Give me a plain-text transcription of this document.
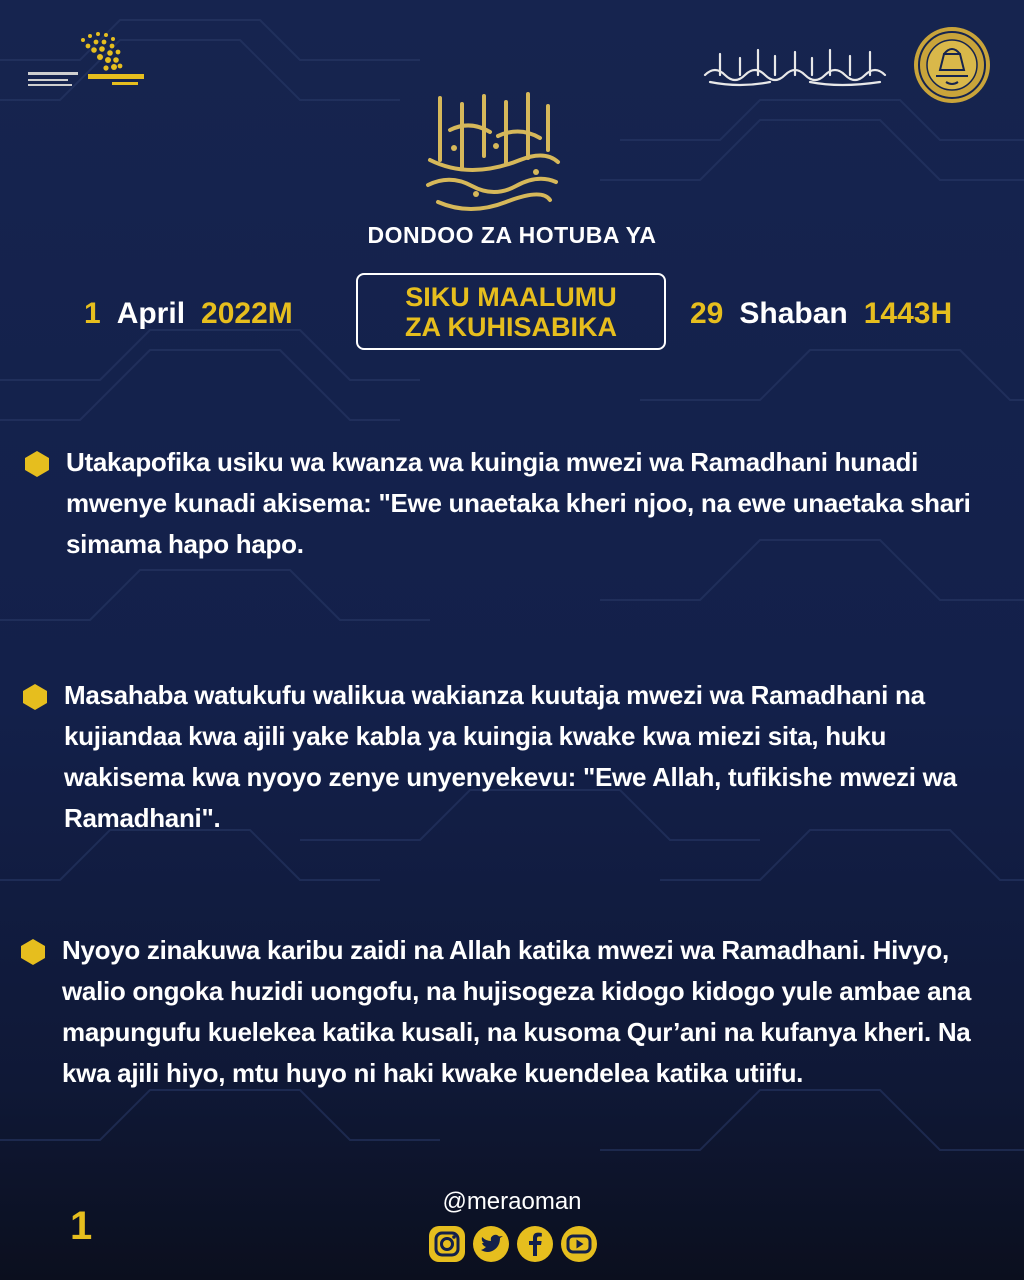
DONDOO ZA HOTUBA YA
1 April 2022M
SIKU MAALUMU
ZA KUHISABIKA 29 Shaban 1443H
Utakapofika usiku wa kwanza wa kuingia mwezi wa Ramadhani hunadi mwenye kunadi akisema: "Ewe unaetaka kheri njoo, na ewe unaetaka shari simama hapo hapo.
Masahaba watukufu walikua wakianza kuutaja mwezi wa Ramadhani na kujiandaa kwa ajili yake kabla ya kuingia kwake kwa miezi sita, huku wakisema kwa nyoyo zenye unyenyekevu: "Ewe Allah, tufikishe mwezi wa Ramadhani".
Nyoyo zinakuwa karibu zaidi na Allah katika mwezi wa Ramadhani. Hivyo, walio ongoka huzidi uongofu, na hujisogeza kidogo kidogo yule ambae ana mapungufu kuelekea katika kusali, na kusoma Qur’ani na kufanya kheri. Na kwa ajili hiyo, mtu huyo ni haki kwake kuendelea katika utiifu.
1
@meraoman
